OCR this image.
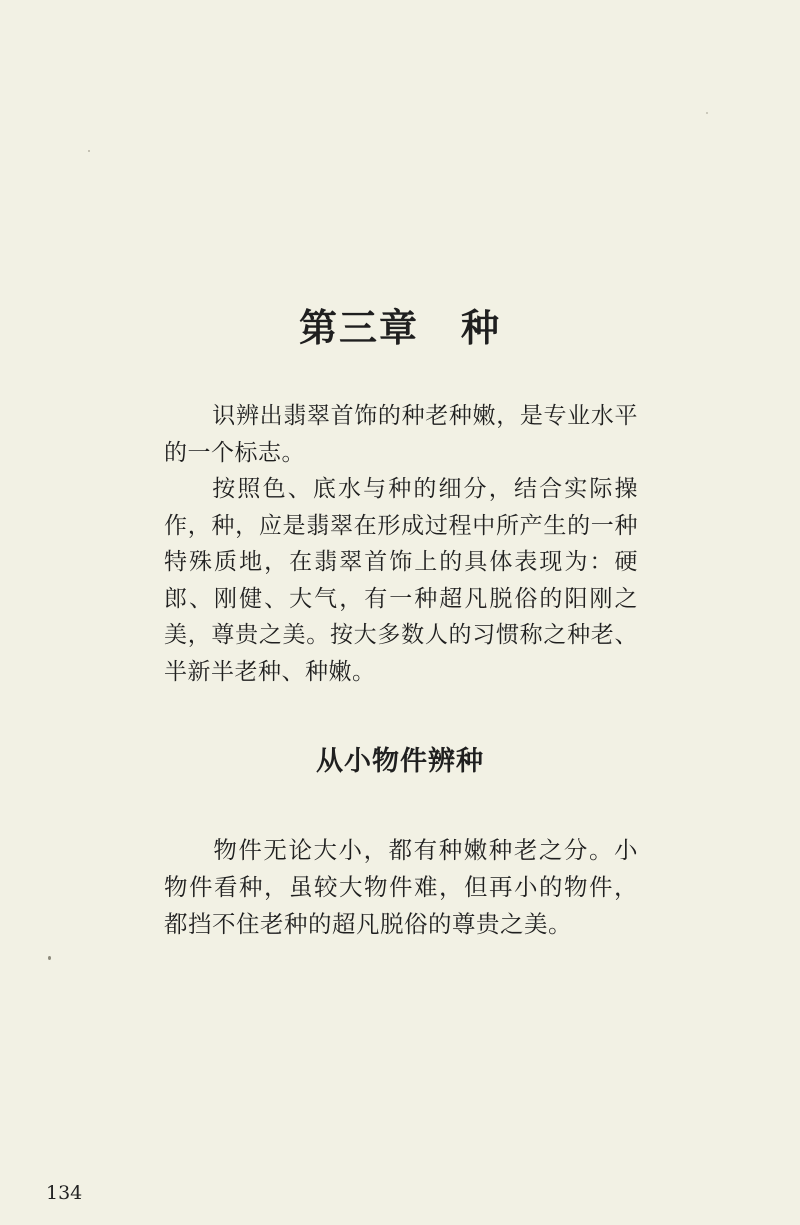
第三章 种

识辨出翡翠首饰的种老种嫩，是专业水平的一个标志。

按照色、底水与种的细分，结合实际操作，种，应是翡翠在形成过程中所产生的一种特殊质地，在翡翠首饰上的具体表现为：硬郎、刚健、大气，有一种超凡脱俗的阳刚之美，尊贵之美。按大多数人的习惯称之种老、半新半老种、种嫩。

从小物件辨种

物件无论大小，都有种嫩种老之分。小物件看种，虽较大物件难，但再小的物件，都挡不住老种的超凡脱俗的尊贵之美。

134
